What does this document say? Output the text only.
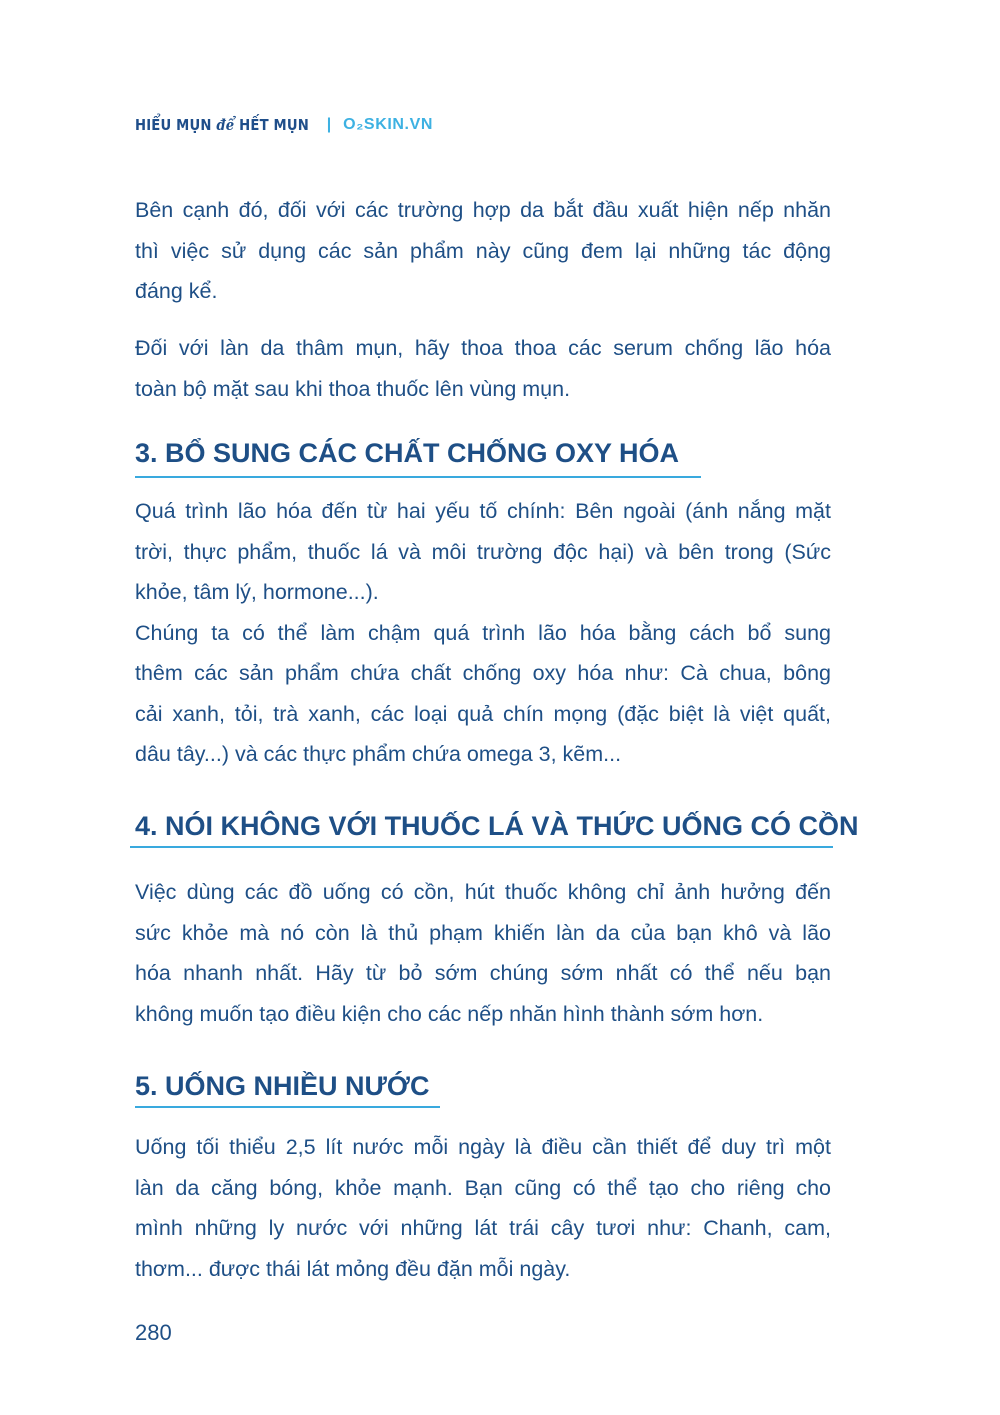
HIỂU MỤN để HẾT MỤN | O₂SKIN.VN

Bên cạnh đó, đối với các trường hợp da bắt đầu xuất hiện nếp nhăn
thì việc sử dụng các sản phẩm này cũng đem lại những tác động
đáng kể.

Đối với làn da thâm mụn, hãy thoa thoa các serum chống lão hóa
toàn bộ mặt sau khi thoa thuốc lên vùng mụn.

3. BỔ SUNG CÁC CHẤT CHỐNG OXY HÓA

Quá trình lão hóa đến từ hai yếu tố chính: Bên ngoài (ánh nắng mặt
trời, thực phẩm, thuốc lá và môi trường độc hại) và bên trong (Sức
khỏe, tâm lý, hormone...).
Chúng ta có thể làm chậm quá trình lão hóa bằng cách bổ sung
thêm các sản phẩm chứa chất chống oxy hóa như: Cà chua, bông
cải xanh, tỏi, trà xanh, các loại quả chín mọng (đặc biệt là việt quất,
dâu tây...) và các thực phẩm chứa omega 3, kẽm...

4. NÓI KHÔNG VỚI THUỐC LÁ VÀ THỨC UỐNG CÓ CỒN

Việc dùng các đồ uống có cồn, hút thuốc không chỉ ảnh hưởng đến
sức khỏe mà nó còn là thủ phạm khiến làn da của bạn khô và lão
hóa nhanh nhất. Hãy từ bỏ sớm chúng sớm nhất có thể nếu bạn
không muốn tạo điều kiện cho các nếp nhăn hình thành sớm hơn.

5. UỐNG NHIỀU NƯỚC

Uống tối thiểu 2,5 lít nước mỗi ngày là điều cần thiết để duy trì một
làn da căng bóng, khỏe mạnh. Bạn cũng có thể tạo cho riêng cho
mình những ly nước với những lát trái cây tươi như: Chanh, cam,
thơm... được thái lát mỏng đều đặn mỗi ngày.

280
